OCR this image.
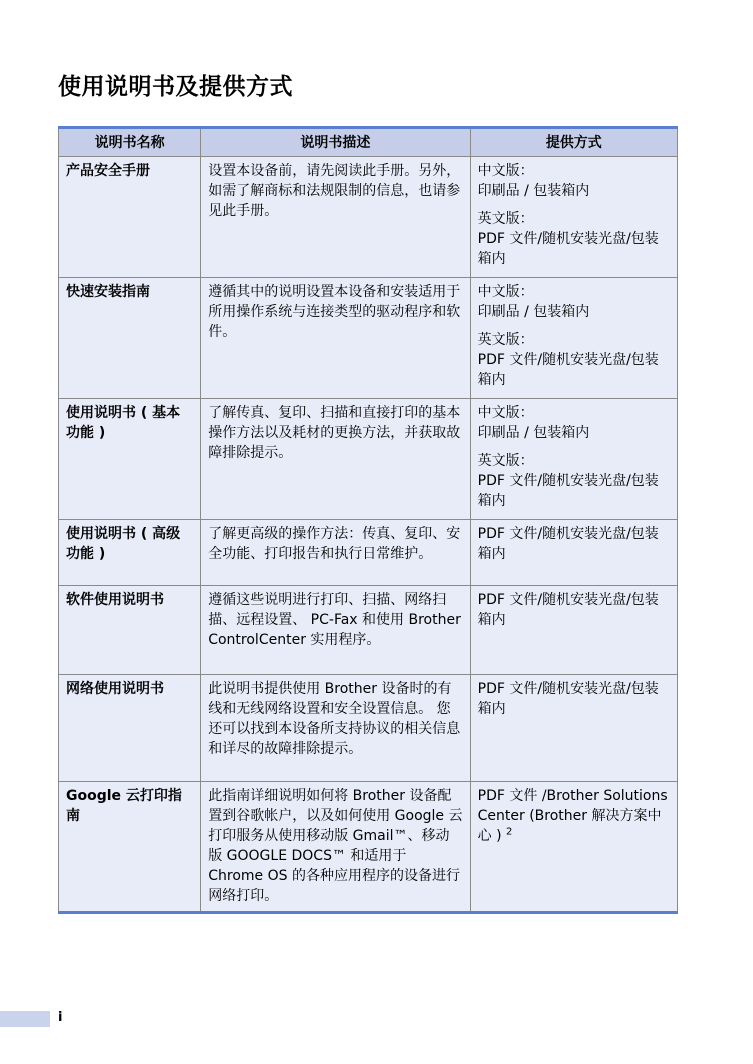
使用说明书及提供方式
说明书名称	说明书描述	提供方式
产品安全手册	设置本设备前，请先阅读此手册。另外，如需了解商标和法规限制的信息，也请参见此手册。	中文版：
印刷品 / 包装箱内

英文版：
PDF 文件/随机安装光盘/包装箱内

快速安装指南	遵循其中的说明设置本设备和安装适用于所用操作系统与连接类型的驱动程序和软件。	中文版：
印刷品 / 包装箱内

英文版：
PDF 文件/随机安装光盘/包装箱内

使用说明书 ( 基本功能 )	了解传真、复印、扫描和直接打印的基本操作方法以及耗材的更换方法，并获取故障排除提示。	中文版：
印刷品 / 包装箱内

英文版：
PDF 文件/随机安装光盘/包装箱内

使用说明书 ( 高级功能 )	了解更高级的操作方法：传真、复印、安全功能、打印报告和执行日常维护。	PDF 文件/随机安装光盘/包装箱内
软件使用说明书	遵循这些说明进行打印、扫描、网络扫描、远程设置、 PC-Fax 和使用 Brother ControlCenter 实用程序。	PDF 文件/随机安装光盘/包装箱内
网络使用说明书	此说明书提供使用 Brother 设备时的有线和无线网络设置和安全设置信息。 您还可以找到本设备所支持协议的相关信息和详尽的故障排除提示。	PDF 文件/随机安装光盘/包装箱内
Google 云打印指南	此指南详细说明如何将 Brother 设备配置到谷歌帐户，以及如何使用 Google 云打印服务从使用移动版 Gmail™、移动版 GOOGLE DOCS™ 和适用于 Chrome OS 的各种应用程序的设备进行网络打印。	PDF 文件 /Brother Solutions Center (Brother 解决方案中心 ) $^2$
i
